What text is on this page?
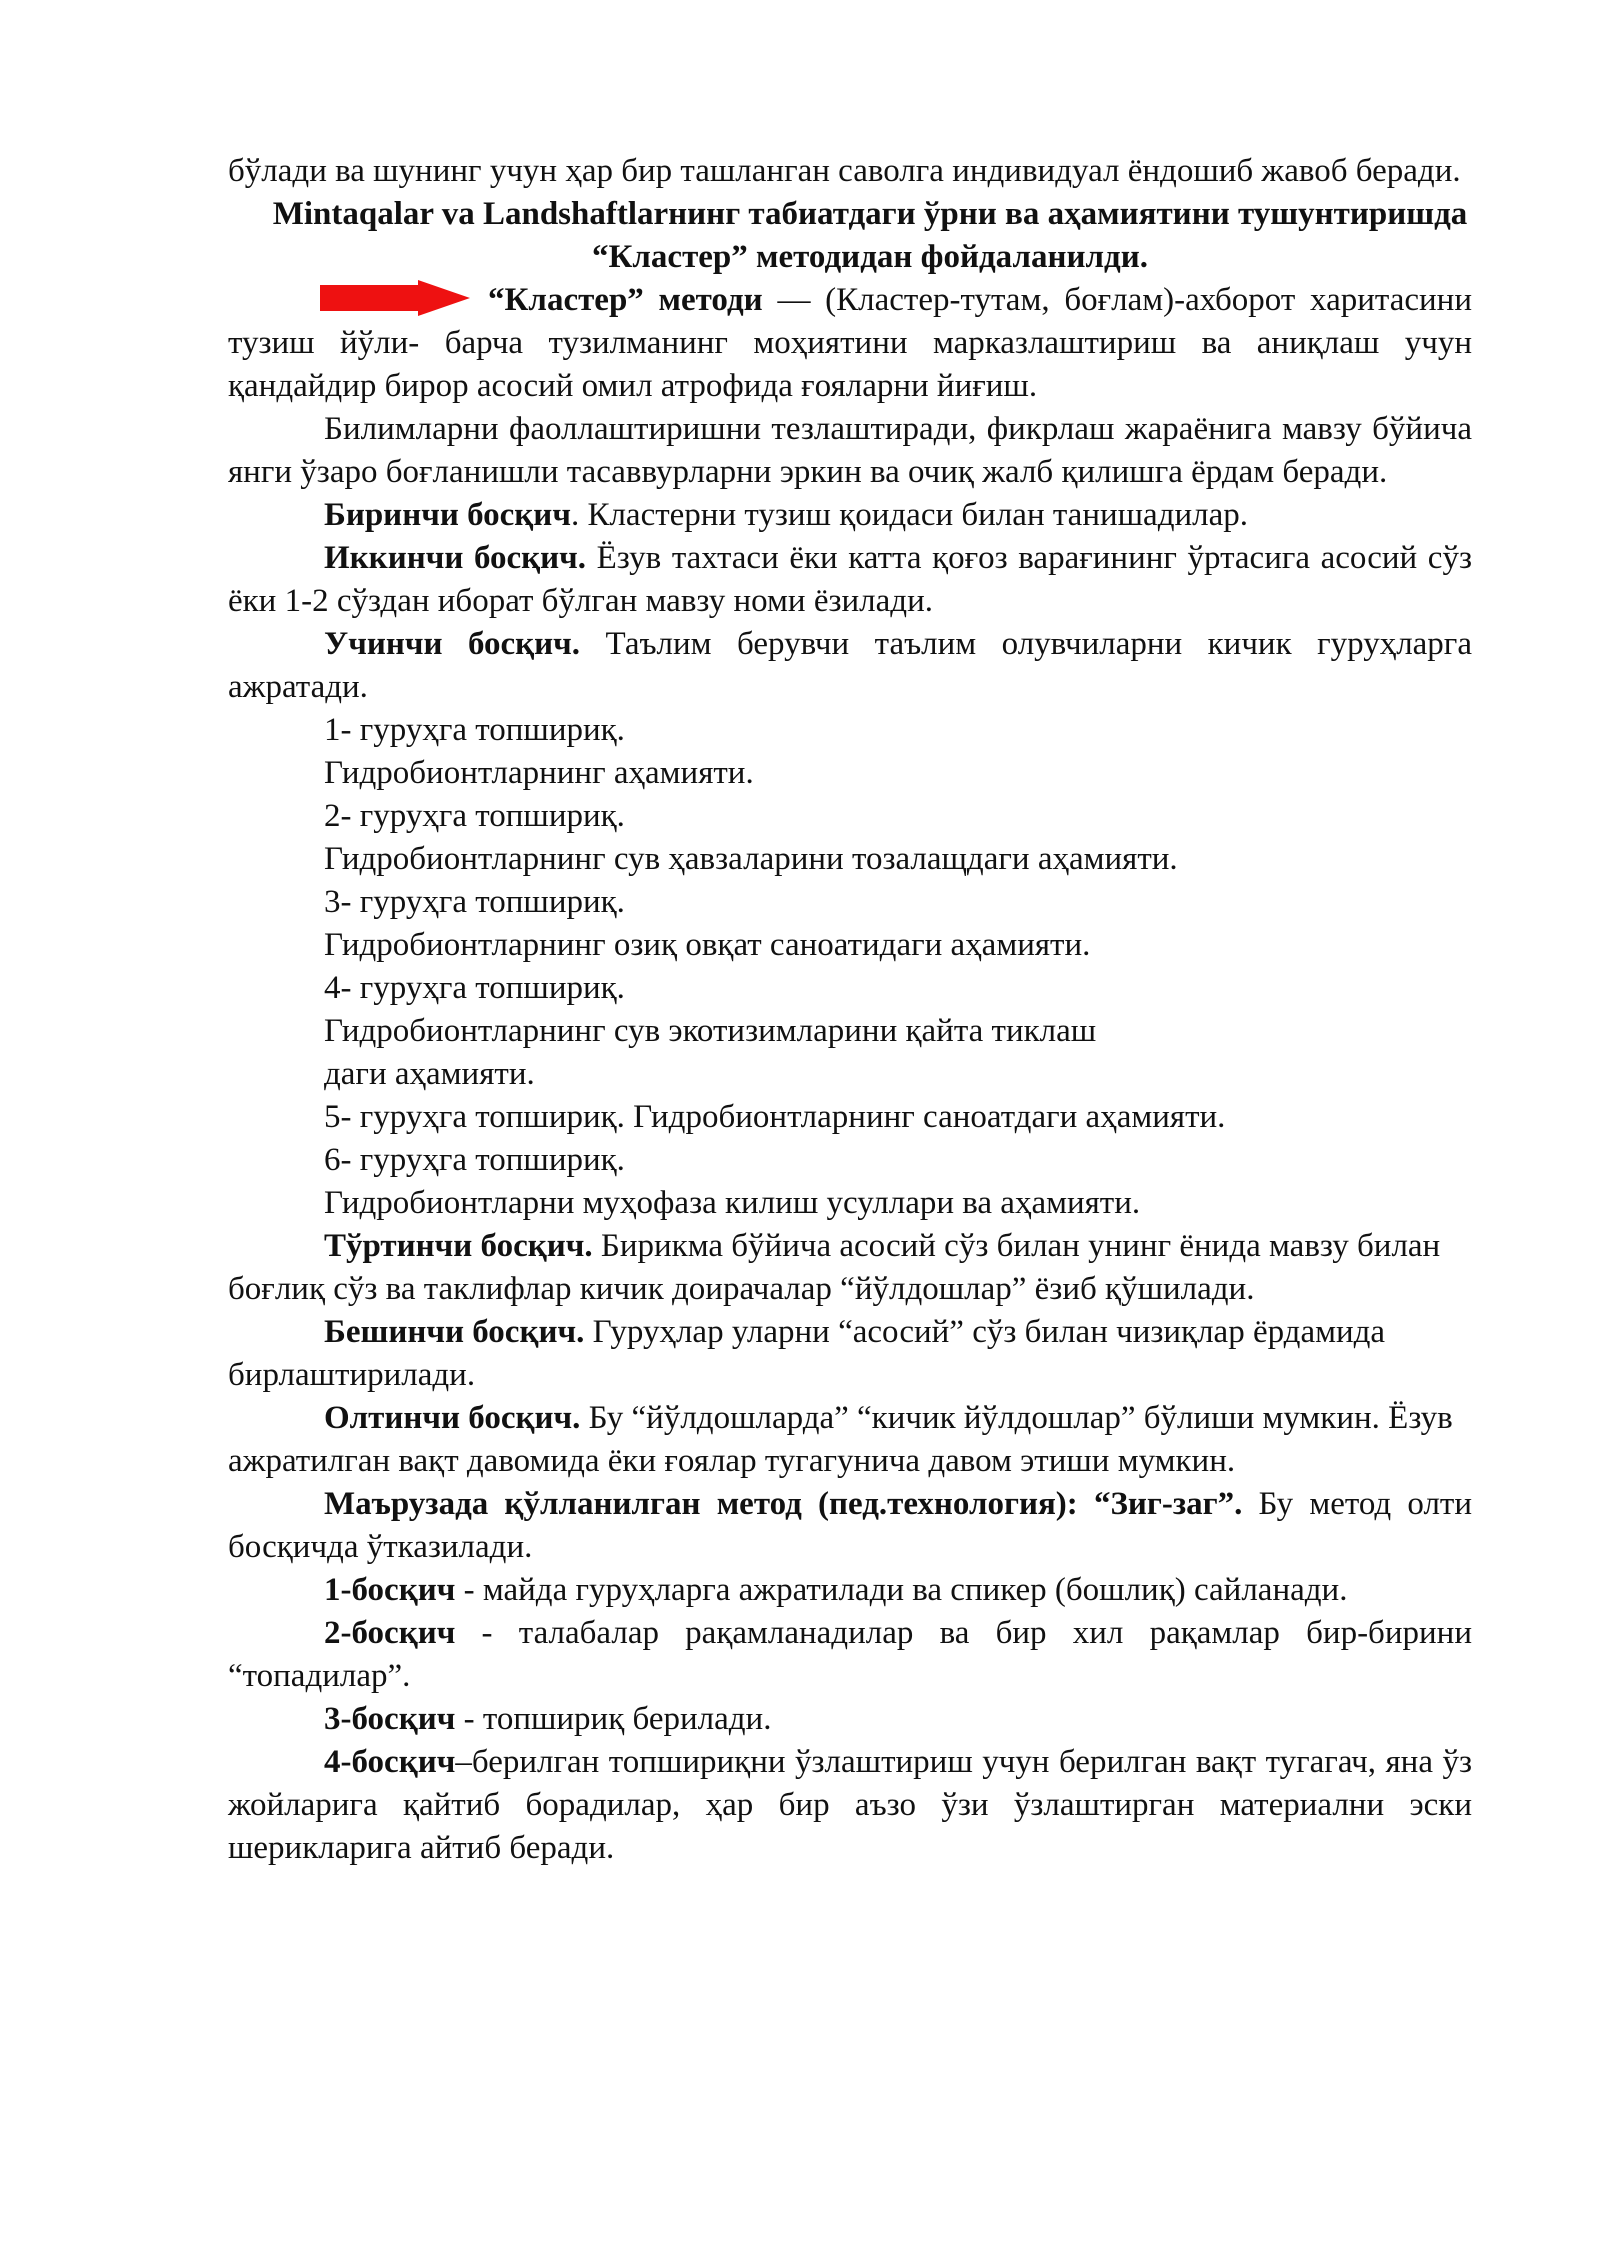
бўлади ва шунинг учун ҳар бир ташланган саволга индивидуал ёндошиб жавоб беради.

Mintaqalar va Landshaftlarнинг табиатдаги ўрни ва аҳамиятини тушунтиришда “Кластер” методидан фойдаланилди.

“Кластер” методи — (Кластер-тутам, боғлам)-ахборот харитасини тузиш йўли- барча тузилманинг моҳиятини марказлаштириш ва аниқлаш учун қандайдир бирор асосий омил атрофида ғояларни йиғиш.

Билимларни фаоллаштиришни тезлаштиради, фикрлаш жараёнига мавзу бўйича янги ўзаро боғланишли тасаввурларни эркин ва очиқ жалб қилишга ёрдам беради.

Биринчи босқич. Кластерни тузиш қоидаси билан танишадилар.

Иккинчи босқич. Ёзув тахтаси ёки катта қоғоз варағининг ўртасига асосий сўз ёки 1-2 сўздан иборат бўлган мавзу номи ёзилади.

Учинчи босқич. Таълим берувчи таълим олувчиларни кичик гуруҳларга ажратади.

1- гуруҳга топшириқ.

Гидробионтларнинг аҳамияти.

2- гуруҳга топшириқ.

Гидробионтларнинг сув ҳавзаларини тозалащдаги аҳамияти.

3- гуруҳга топшириқ.

Гидробионтларнинг озиқ овқат саноатидаги аҳамияти.

4- гуруҳга топшириқ.

Гидробионтларнинг сув экотизимларини қайта тиклаш

даги аҳамияти.

5- гуруҳга топшириқ. Гидробионтларнинг саноатдаги аҳамияти.

6- гуруҳга топшириқ.

Гидробионтларни муҳофаза килиш усуллари ва аҳамияти.

Тўртинчи босқич. Бирикма бўйича асосий сўз билан унинг ёнида мавзу билан боғлиқ сўз ва таклифлар кичик доирачалар “йўлдошлар” ёзиб қўшилади.

Бешинчи босқич. Гуруҳлар уларни “асосий” сўз билан чизиқлар ёрдамида бирлаштирилади.

Олтинчи босқич. Бу “йўлдошларда” “кичик йўлдошлар” бўлиши мумкин. Ёзув ажратилган вақт давомида ёки ғоялар тугагунича давом этиши мумкин.

Маърузада қўлланилган метод (пед.технология): “Зиг-заг”. Бу метод олти босқичда ўтказилади.

1-босқич - майда гуруҳларга ажратилади ва спикер (бошлиқ) сайланади.

2-босқич - талабалар рақамланадилар ва бир хил рақамлар бир-бирини “топадилар”.

3-босқич - топшириқ берилади.

4-босқич–берилган топшириқни ўзлаштириш учун берилган вақт тугагач, яна ўз жойларига қайтиб борадилар, ҳар бир аъзо ўзи ўзлаштирган материални эски шерикларига айтиб беради.
